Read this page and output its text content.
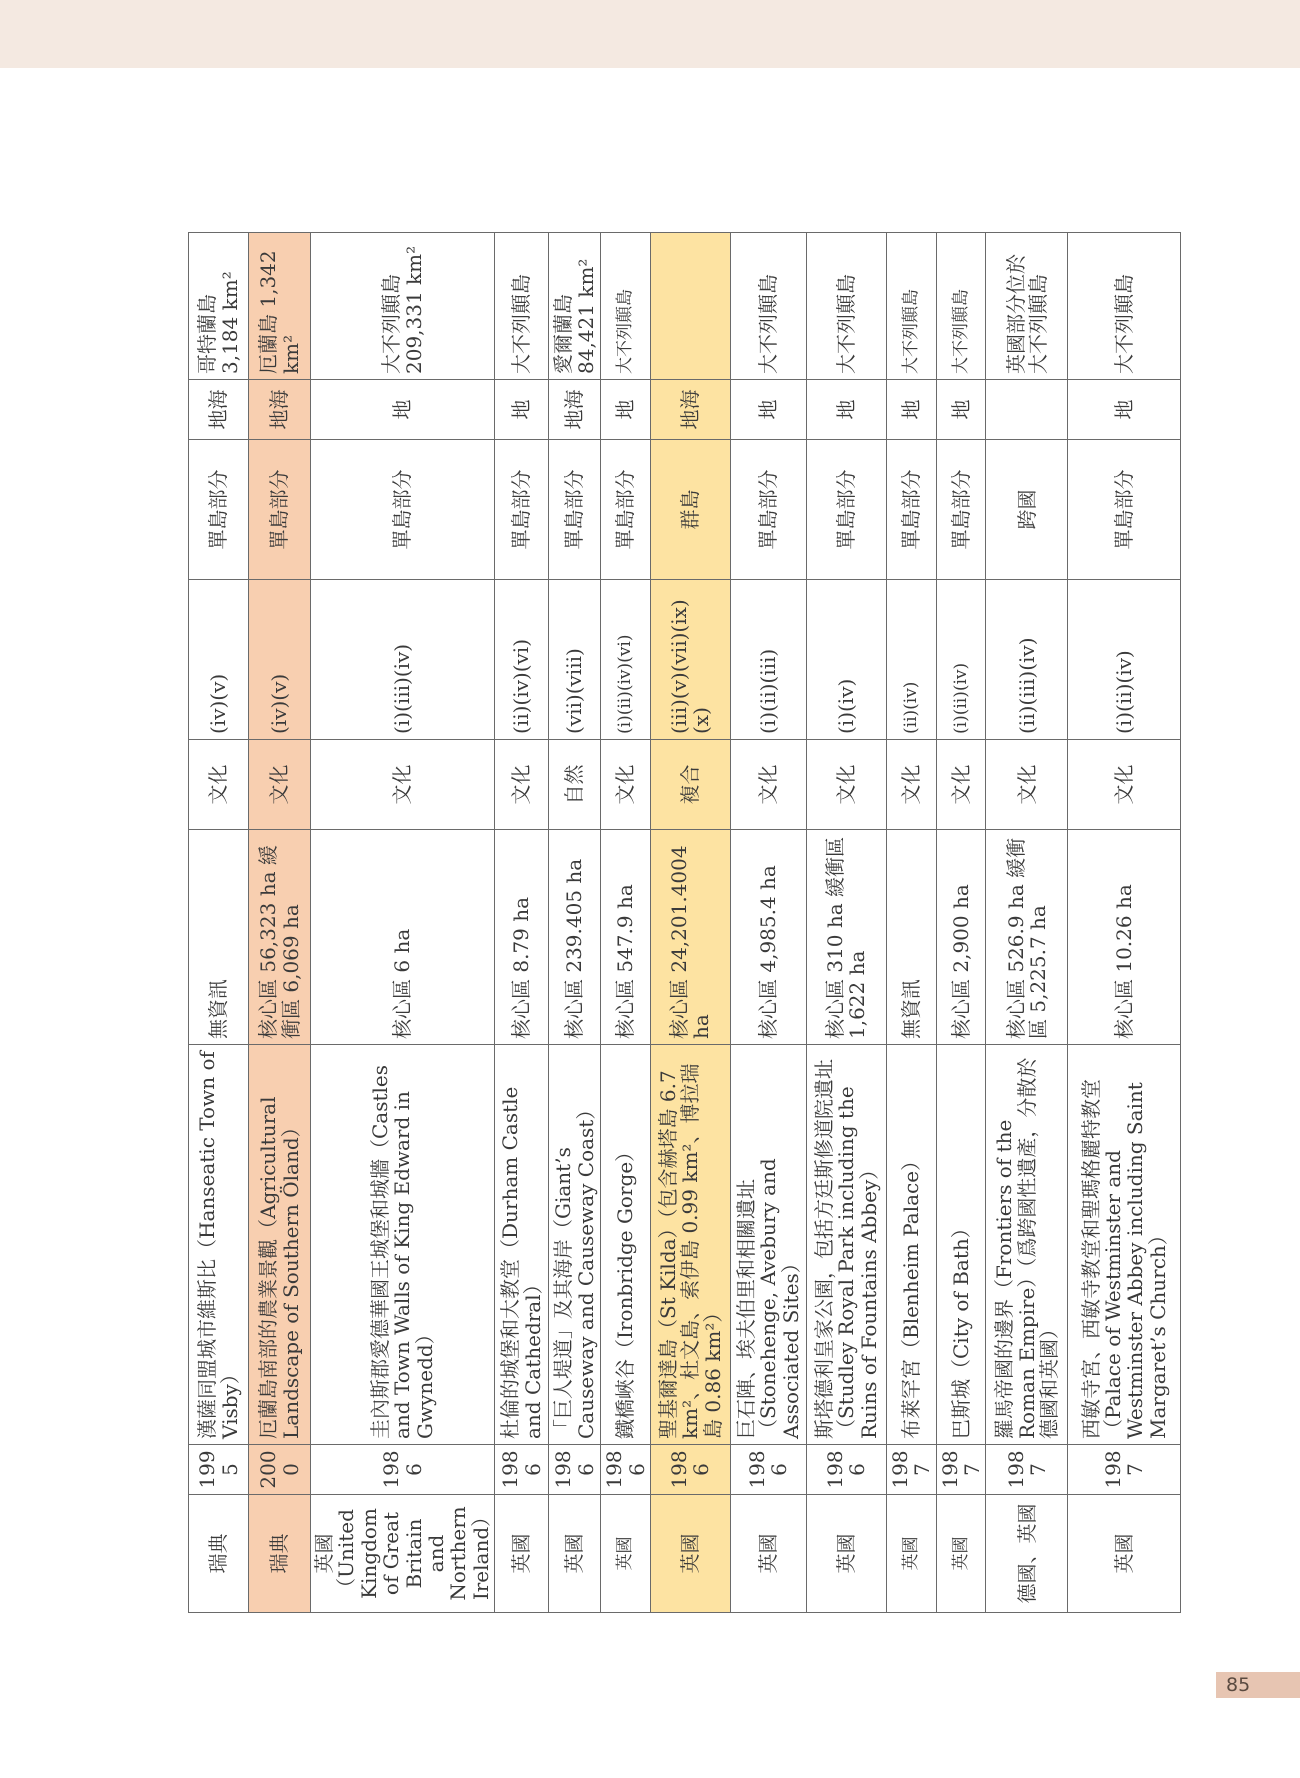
瑞典	1995	漢薩同盟城市維斯比（Hanseatic Town of Visby）	無資訊	文化	(iv)(v)	單島部分	地海	哥特蘭島 3,184 km²
瑞典	2000	厄蘭島南部的農業景觀（Agricultural Landscape of Southern Öland）	核心區 56,323 ha 緩衝區 6,069 ha	文化	(iv)(v)	單島部分	地海	厄蘭島 1,342 km²
英國（United Kingdom of Great Britain and Northern Ireland）	1986	圭內斯郡愛德華國王城堡和城牆（Castles and Town Walls of King Edward in Gwynedd）	核心區 6 ha	文化	(i)(iii)(iv)	單島部分	地	大不列顛島 209,331 km²
英國	1986	杜倫的城堡和大教堂（Durham Castle and Cathedral）	核心區 8.79 ha	文化	(ii)(iv)(vi)	單島部分	地	大不列顛島
英國	1986	「巨人堤道」及其海岸（Giant’s Causeway and Causeway Coast）	核心區 239.405 ha	自然	(vii)(viii)	單島部分	地海	愛爾蘭島 84,421 km²
英國	1986	鐵橋峽谷（Ironbridge Gorge）	核心區 547.9 ha	文化	(i)(ii)(iv)(vi)	單島部分	地	大不列顛島
英國	1986	聖基爾達島（St Kilda）（包含赫塔島 6.7 km²、杜文島、索伊島 0.99 km²、博拉瑞島 0.86 km²）	核心區 24,201.4004 ha	複合	(iii)(v)(vii)(ix)(x)	群島	地海	
英國	1986	巨石陣、埃夫伯里和相關遺址（Stonehenge, Avebury and Associated Sites）	核心區 4,985.4 ha	文化	(i)(ii)(iii)	單島部分	地	大不列顛島
英國	1986	斯塔德利皇家公園，包括方廷斯修道院遺址（Studley Royal Park including the Ruins of Fountains Abbey）	核心區 310 ha 緩衝區 1,622 ha	文化	(i)(iv)	單島部分	地	大不列顛島
英國	1987	布萊罕宮（Blenheim Palace）	無資訊	文化	(ii)(iv)	單島部分	地	大不列顛島
英國	1987	巴斯城（City of Bath）	核心區 2,900 ha	文化	(i)(ii)(iv)	單島部分	地	大不列顛島
德國、英國	1987	羅馬帝國的邊界（Frontiers of the Roman Empire）（爲跨國性遺產，分散於德國和英國）	核心區 526.9 ha 緩衝區 5,225.7 ha	文化	(ii)(iii)(iv)	跨國		英國部分位於大不列顛島
英國	1987	西敏寺宮、西敏寺教堂和聖瑪格麗特教堂（Palace of Westminster and Westminster Abbey including Saint Margaret’s Church）	核心區 10.26 ha	文化	(i)(ii)(iv)	單島部分	地	大不列顛島
85
